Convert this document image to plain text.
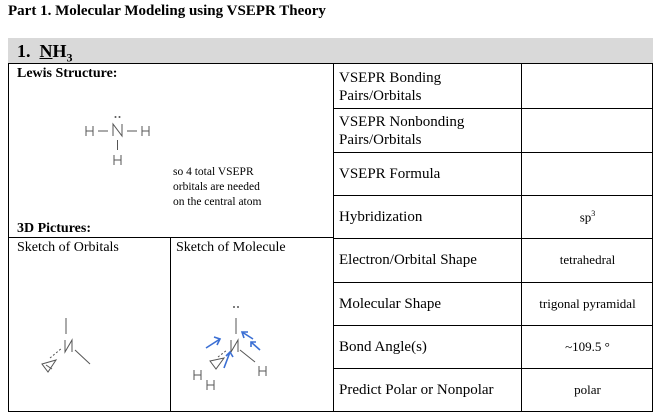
Part 1. Molecular Modeling using VSEPR Theory
1. $NH_3$
Lewis Structure:
so 4 total VSEPR
orbitals are needed
on the central atom
3D Pictures:
Sketch of Orbitals	Sketch of Molecule
VSEPR Bonding
Pairs/Orbitals
VSEPR Nonbonding
Pairs/Orbitals
VSEPR Formula
Hybridization	$sp^3$
Electron/Orbital Shape	tetrahedral
Molecular Shape	trigonal pyramidal
Bond Angle(s)	~109.5 °
Predict Polar or Nonpolar	polar
